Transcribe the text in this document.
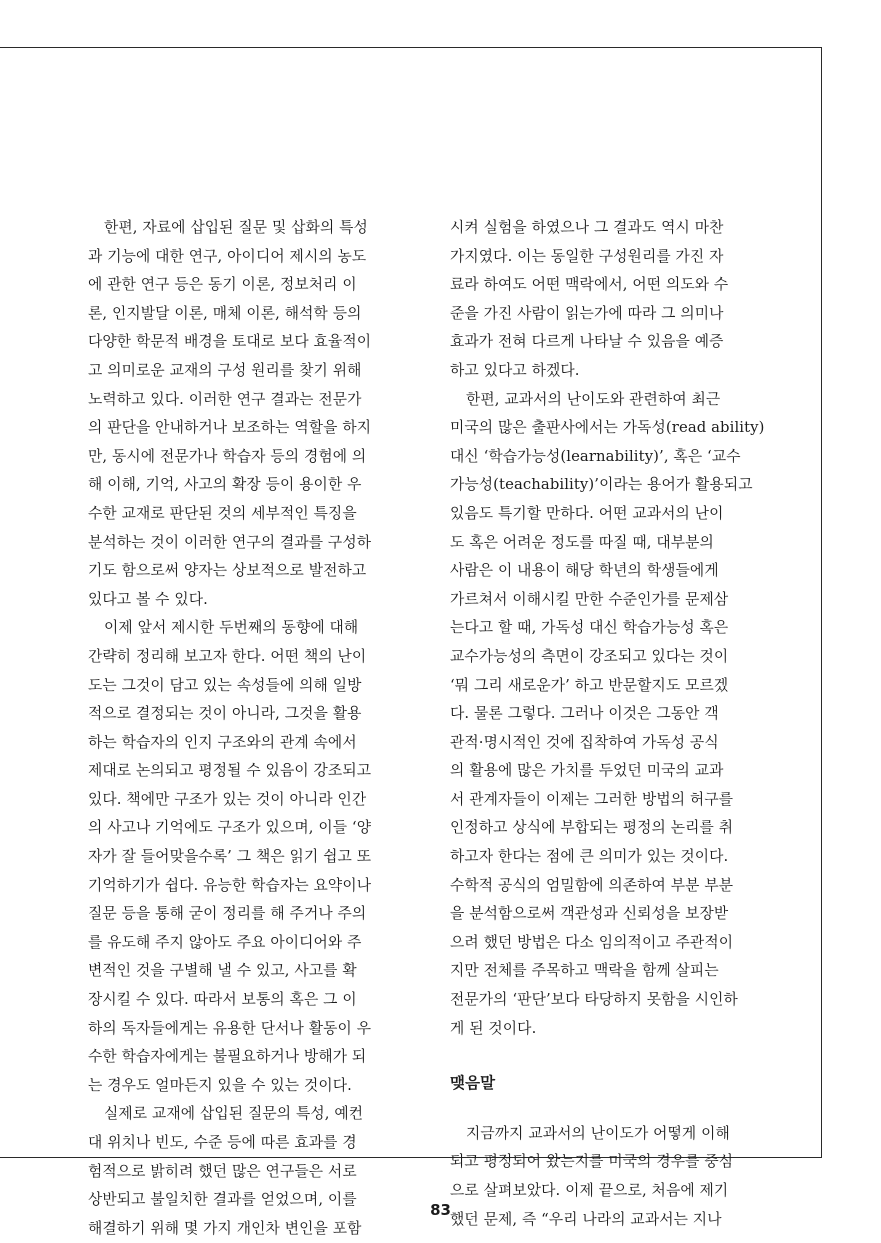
한편, 자료에 삽입된 질문 및 삽화의 특성
과 기능에 대한 연구, 아이디어 제시의 농도
에 관한 연구 등은 동기 이론, 정보처리 이
론, 인지발달 이론, 매체 이론, 해석학 등의
다양한 학문적 배경을 토대로 보다 효율적이
고 의미로운 교재의 구성 원리를 찾기 위해
노력하고 있다. 이러한 연구 결과는 전문가
의 판단을 안내하거나 보조하는 역할을 하지
만, 동시에 전문가나 학습자 등의 경험에 의
해 이해, 기억, 사고의 확장 등이 용이한 우
수한 교재로 판단된 것의 세부적인 특징을
분석하는 것이 이러한 연구의 결과를 구성하
기도 함으로써 양자는 상보적으로 발전하고
있다고 볼 수 있다.
이제 앞서 제시한 두번째의 동향에 대해
간략히 정리해 보고자 한다. 어떤 책의 난이
도는 그것이 담고 있는 속성들에 의해 일방
적으로 결정되는 것이 아니라, 그것을 활용
하는 학습자의 인지 구조와의 관계 속에서
제대로 논의되고 평정될 수 있음이 강조되고
있다. 책에만 구조가 있는 것이 아니라 인간
의 사고나 기억에도 구조가 있으며, 이들 ‘양
자가 잘 들어맞을수록’ 그 책은 읽기 쉽고 또
기억하기가 쉽다. 유능한 학습자는 요약이나
질문 등을 통해 굳이 정리를 해 주거나 주의
를 유도해 주지 않아도 주요 아이디어와 주
변적인 것을 구별해 낼 수 있고, 사고를 확
장시킬 수 있다. 따라서 보통의 혹은 그 이
하의 독자들에게는 유용한 단서나 활동이 우
수한 학습자에게는 불필요하거나 방해가 되
는 경우도 얼마든지 있을 수 있는 것이다.
실제로 교재에 삽입된 질문의 특성, 예컨
대 위치나 빈도, 수준 등에 따른 효과를 경
험적으로 밝히려 했던 많은 연구들은 서로
상반되고 불일치한 결과를 얻었으며, 이를
해결하기 위해 몇 가지 개인차 변인을 포함
시켜 실험을 하였으나 그 결과도 역시 마찬
가지였다. 이는 동일한 구성원리를 가진 자
료라 하여도 어떤 맥락에서, 어떤 의도와 수
준을 가진 사람이 읽는가에 따라 그 의미나
효과가 전혀 다르게 나타날 수 있음을 예증
하고 있다고 하겠다.
한편, 교과서의 난이도와 관련하여 최근
미국의 많은 출판사에서는 가독성(read ability)
대신 ‘학습가능성(learnability)’, 혹은 ‘교수
가능성(teachability)’이라는 용어가 활용되고
있음도 특기할 만하다. 어떤 교과서의 난이
도 혹은 어려운 정도를 따질 때, 대부분의
사람은 이 내용이 해당 학년의 학생들에게
가르쳐서 이해시킬 만한 수준인가를 문제삼
는다고 할 때, 가독성 대신 학습가능성 혹은
교수가능성의 측면이 강조되고 있다는 것이
‘뭐 그리 새로운가’ 하고 반문할지도 모르겠
다. 물론 그렇다. 그러나 이것은 그동안 객
관적·명시적인 것에 집착하여 가독성 공식
의 활용에 많은 가치를 두었던 미국의 교과
서 관계자들이 이제는 그러한 방법의 허구를
인정하고 상식에 부합되는 평정의 논리를 취
하고자 한다는 점에 큰 의미가 있는 것이다.
수학적 공식의 엄밀함에 의존하여 부분 부분
을 분석함으로써 객관성과 신뢰성을 보장받
으려 했던 방법은 다소 임의적이고 주관적이
지만 전체를 주목하고 맥락을 함께 살피는
전문가의 ‘판단’보다 타당하지 못함을 시인하
게 된 것이다.
맺음말
지금까지 교과서의 난이도가 어떻게 이해
되고 평정되어 왔는지를 미국의 경우를 중심
으로 살펴보았다. 이제 끝으로, 처음에 제기
했던 문제, 즉 “우리 나라의 교과서는 지나
83
